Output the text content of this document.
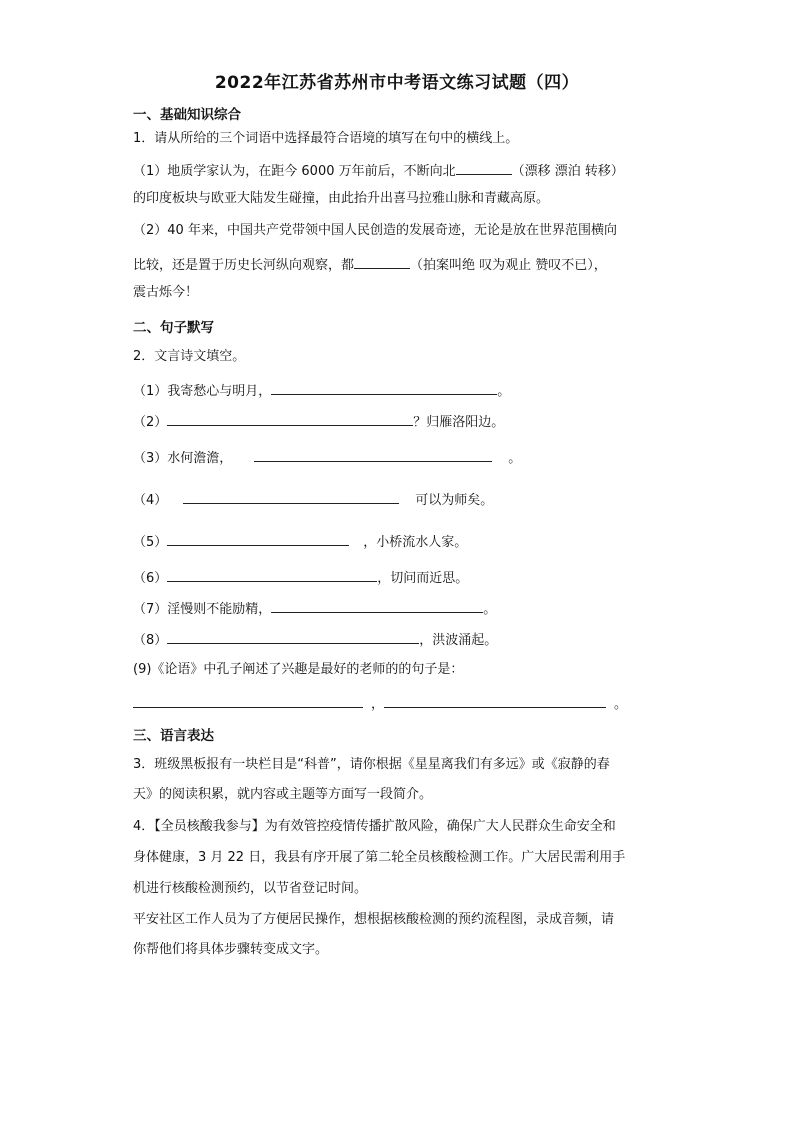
2022年江苏省苏州市中考语文练习试题（四）
一、基础知识综合
1．请从所给的三个词语中选择最符合语境的填写在句中的横线上。
（1）地质学家认为，在距今 6000 万年前后，不断向北	（漂移 漂泊 转移）
的印度板块与欧亚大陆发生碰撞，由此抬升出喜马拉雅山脉和青藏高原。
（2）40 年来，中国共产党带领中国人民创造的发展奇迹，无论是放在世界范围横向
比较，还是置于历史长河纵向观察，都	（拍案叫绝 叹为观止 赞叹不已），
震古烁今！
二、句子默写
2．文言诗文填空。
（1）我寄愁心与明月，	。
（2）	？归雁洛阳边。
（3）水何澹澹，	。
（4）	可以为师矣。
（5）	，小桥流水人家。
（6）	，切问而近思。
（7）淫慢则不能励精，	。
（8）	，洪波涌起。
(9)《论语》中孔子阐述了兴趣是最好的老师的的句子是：
，	。
三、语言表达
3．班级黑板报有一块栏目是“科普”，请你根据《星星离我们有多远》或《寂静的春
天》的阅读积累，就内容或主题等方面写一段简介。
4．【全员核酸我参与】为有效管控疫情传播扩散风险，确保广大人民群众生命安全和
身体健康，3 月 22 日，我县有序开展了第二轮全员核酸检测工作。广大居民需利用手
机进行核酸检测预约，以节省登记时间。
平安社区工作人员为了方便居民操作，想根据核酸检测的预约流程图，录成音频，请
你帮他们将具体步骤转变成文字。
